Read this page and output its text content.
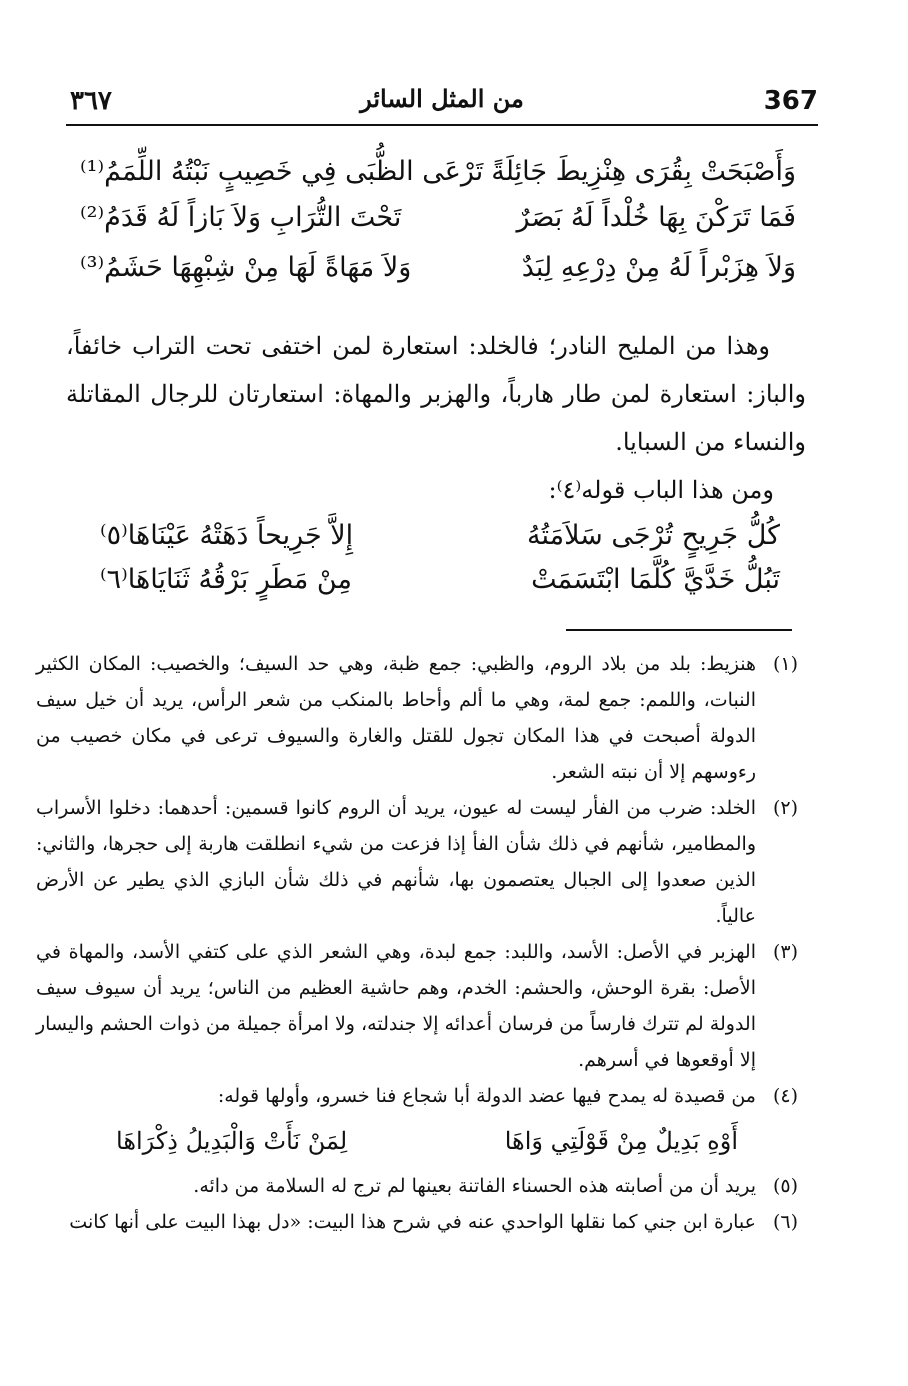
٣٦٧	من المثل السائر	367
وَأَصْبَحَتْ بِقُرَى هِنْزِيطَ جَائِلَةً
تَرْعَى الظُّبَى فِي خَصِيبٍ نَبْتُهُ اللِّمَمُ⁽¹⁾
فَمَا تَرَكْنَ بِهَا خُلْداً لَهُ بَصَرٌ
تَحْتَ التُّرَابِ وَلاَ بَازاً لَهُ قَدَمُ⁽²⁾
وَلاَ هِزَبْراً لَهُ مِنْ دِرْعِهِ لِبَدٌ
وَلاَ مَهَاةً لَهَا مِنْ شِبْهِهَا حَشَمُ⁽³⁾
وهذا من المليح النادر؛ فالخلد: استعارة لمن اختفى تحت التراب خائفاً، والباز: استعارة لمن طار هارباً، والهزبر والمهاة: استعارتان للرجال المقاتلة والنساء من السبايا.
ومن هذا الباب قوله⁽٤⁾:
كُلُّ جَرِيحٍ تُرْجَى سَلاَمَتُهُ
إِلاَّ جَرِيحاً دَهَتْهُ عَيْنَاهَا⁽٥⁾
تَبُلُّ خَدَّيَّ كُلَّمَا ابْتَسَمَتْ
مِنْ مَطَرٍ بَرْقُهُ ثَنَايَاهَا⁽٦⁾
(١)
هنزيط: بلد من بلاد الروم، والظبي: جمع ظبة، وهي حد السيف؛ والخصيب: المكان الكثير النبات، واللمم: جمع لمة، وهي ما ألم وأحاط بالمنكب من شعر الرأس، يريد أن خيل سيف الدولة أصبحت في هذا المكان تجول للقتل والغارة والسيوف ترعى في مكان خصيب من رءوسهم إلا أن نبته الشعر.
(٢)
الخلد: ضرب من الفأر ليست له عيون، يريد أن الروم كانوا قسمين: أحدهما: دخلوا الأسراب والمطامير، شأنهم في ذلك شأن الفأ إذا فزعت من شيء انطلقت هاربة إلى حجرها، والثاني: الذين صعدوا إلى الجبال يعتصمون بها، شأنهم في ذلك شأن البازي الذي يطير عن الأرض عالياً.
(٣)
الهزبر في الأصل: الأسد، واللبد: جمع لبدة، وهي الشعر الذي على كتفي الأسد، والمهاة في الأصل: بقرة الوحش، والحشم: الخدم، وهم حاشية العظيم من الناس؛ يريد أن سيوف سيف الدولة لم تترك فارساً من فرسان أعدائه إلا جندلته، ولا امرأة جميلة من ذوات الحشم واليسار إلا أوقعوها في أسرهم.
(٤)
من قصيدة له يمدح فيها عضد الدولة أبا شجاع فنا خسرو، وأولها قوله:
أَوْهِ بَدِيلٌ مِنْ قَوْلَتِي وَاهَا
لِمَنْ نَأَتْ وَالْبَدِيلُ ذِكْرَاهَا
(٥)
يريد أن من أصابته هذه الحسناء الفاتنة بعينها لم ترج له السلامة من دائه.
(٦)
عبارة ابن جني كما نقلها الواحدي عنه في شرح هذا البيت: «دل بهذا البيت على أنها كانت
